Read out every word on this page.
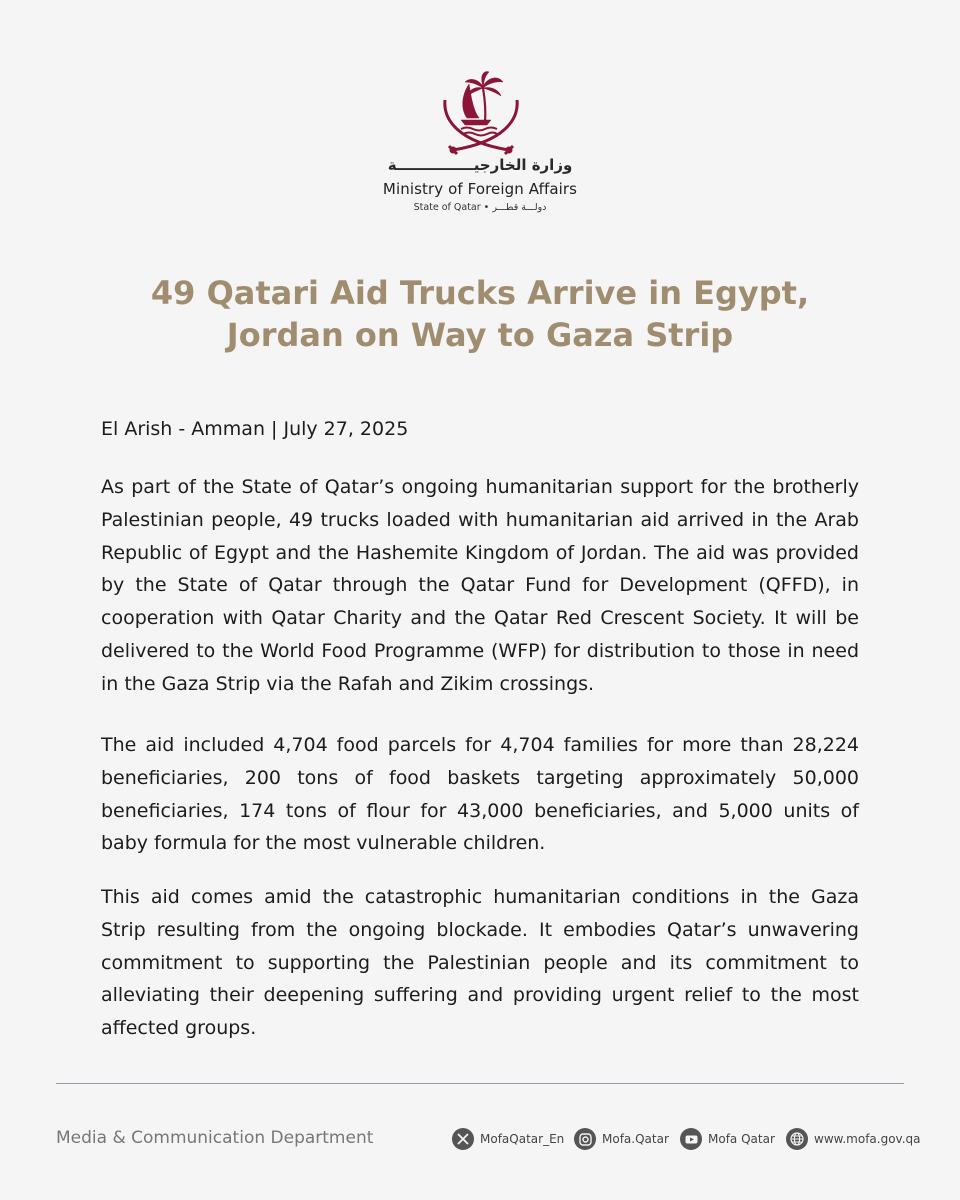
وزارة الخارجيـــــــــــــــة
Ministry of Foreign Affairs
State of Qatar • دولـــة قطـــر
49 Qatari Aid Trucks Arrive in Egypt,
Jordan on Way to Gaza Strip
El Arish - Amman | July 27, 2025

As part of the State of Qatar’s ongoing humanitarian support for the brotherly Palestinian people, 49 trucks loaded with humanitarian aid arrived in the Arab Republic of Egypt and the Hashemite Kingdom of Jordan. The aid was provided by the State of Qatar through the Qatar Fund for Development (QFFD), in cooperation with Qatar Charity and the Qatar Red Crescent Society. It will be delivered to the World Food Programme (WFP) for distribution to those in need in the Gaza Strip via the Rafah and Zikim crossings.

The aid included 4,704 food parcels for 4,704 families for more than 28,224 beneficiaries, 200 tons of food baskets targeting approximately 50,000 beneficiaries, 174 tons of flour for 43,000 beneficiaries, and 5,000 units of baby formula for the most vulnerable children.

This aid comes amid the catastrophic humanitarian conditions in the Gaza Strip resulting from the ongoing blockade. It embodies Qatar’s unwavering commitment to supporting the Palestinian people and its commitment to alleviating their deepening suffering and providing urgent relief to the most affected groups.

Media & Communication Department	MofaQatar_En	Mofa.Qatar	Mofa Qatar	www.mofa.gov.qa
